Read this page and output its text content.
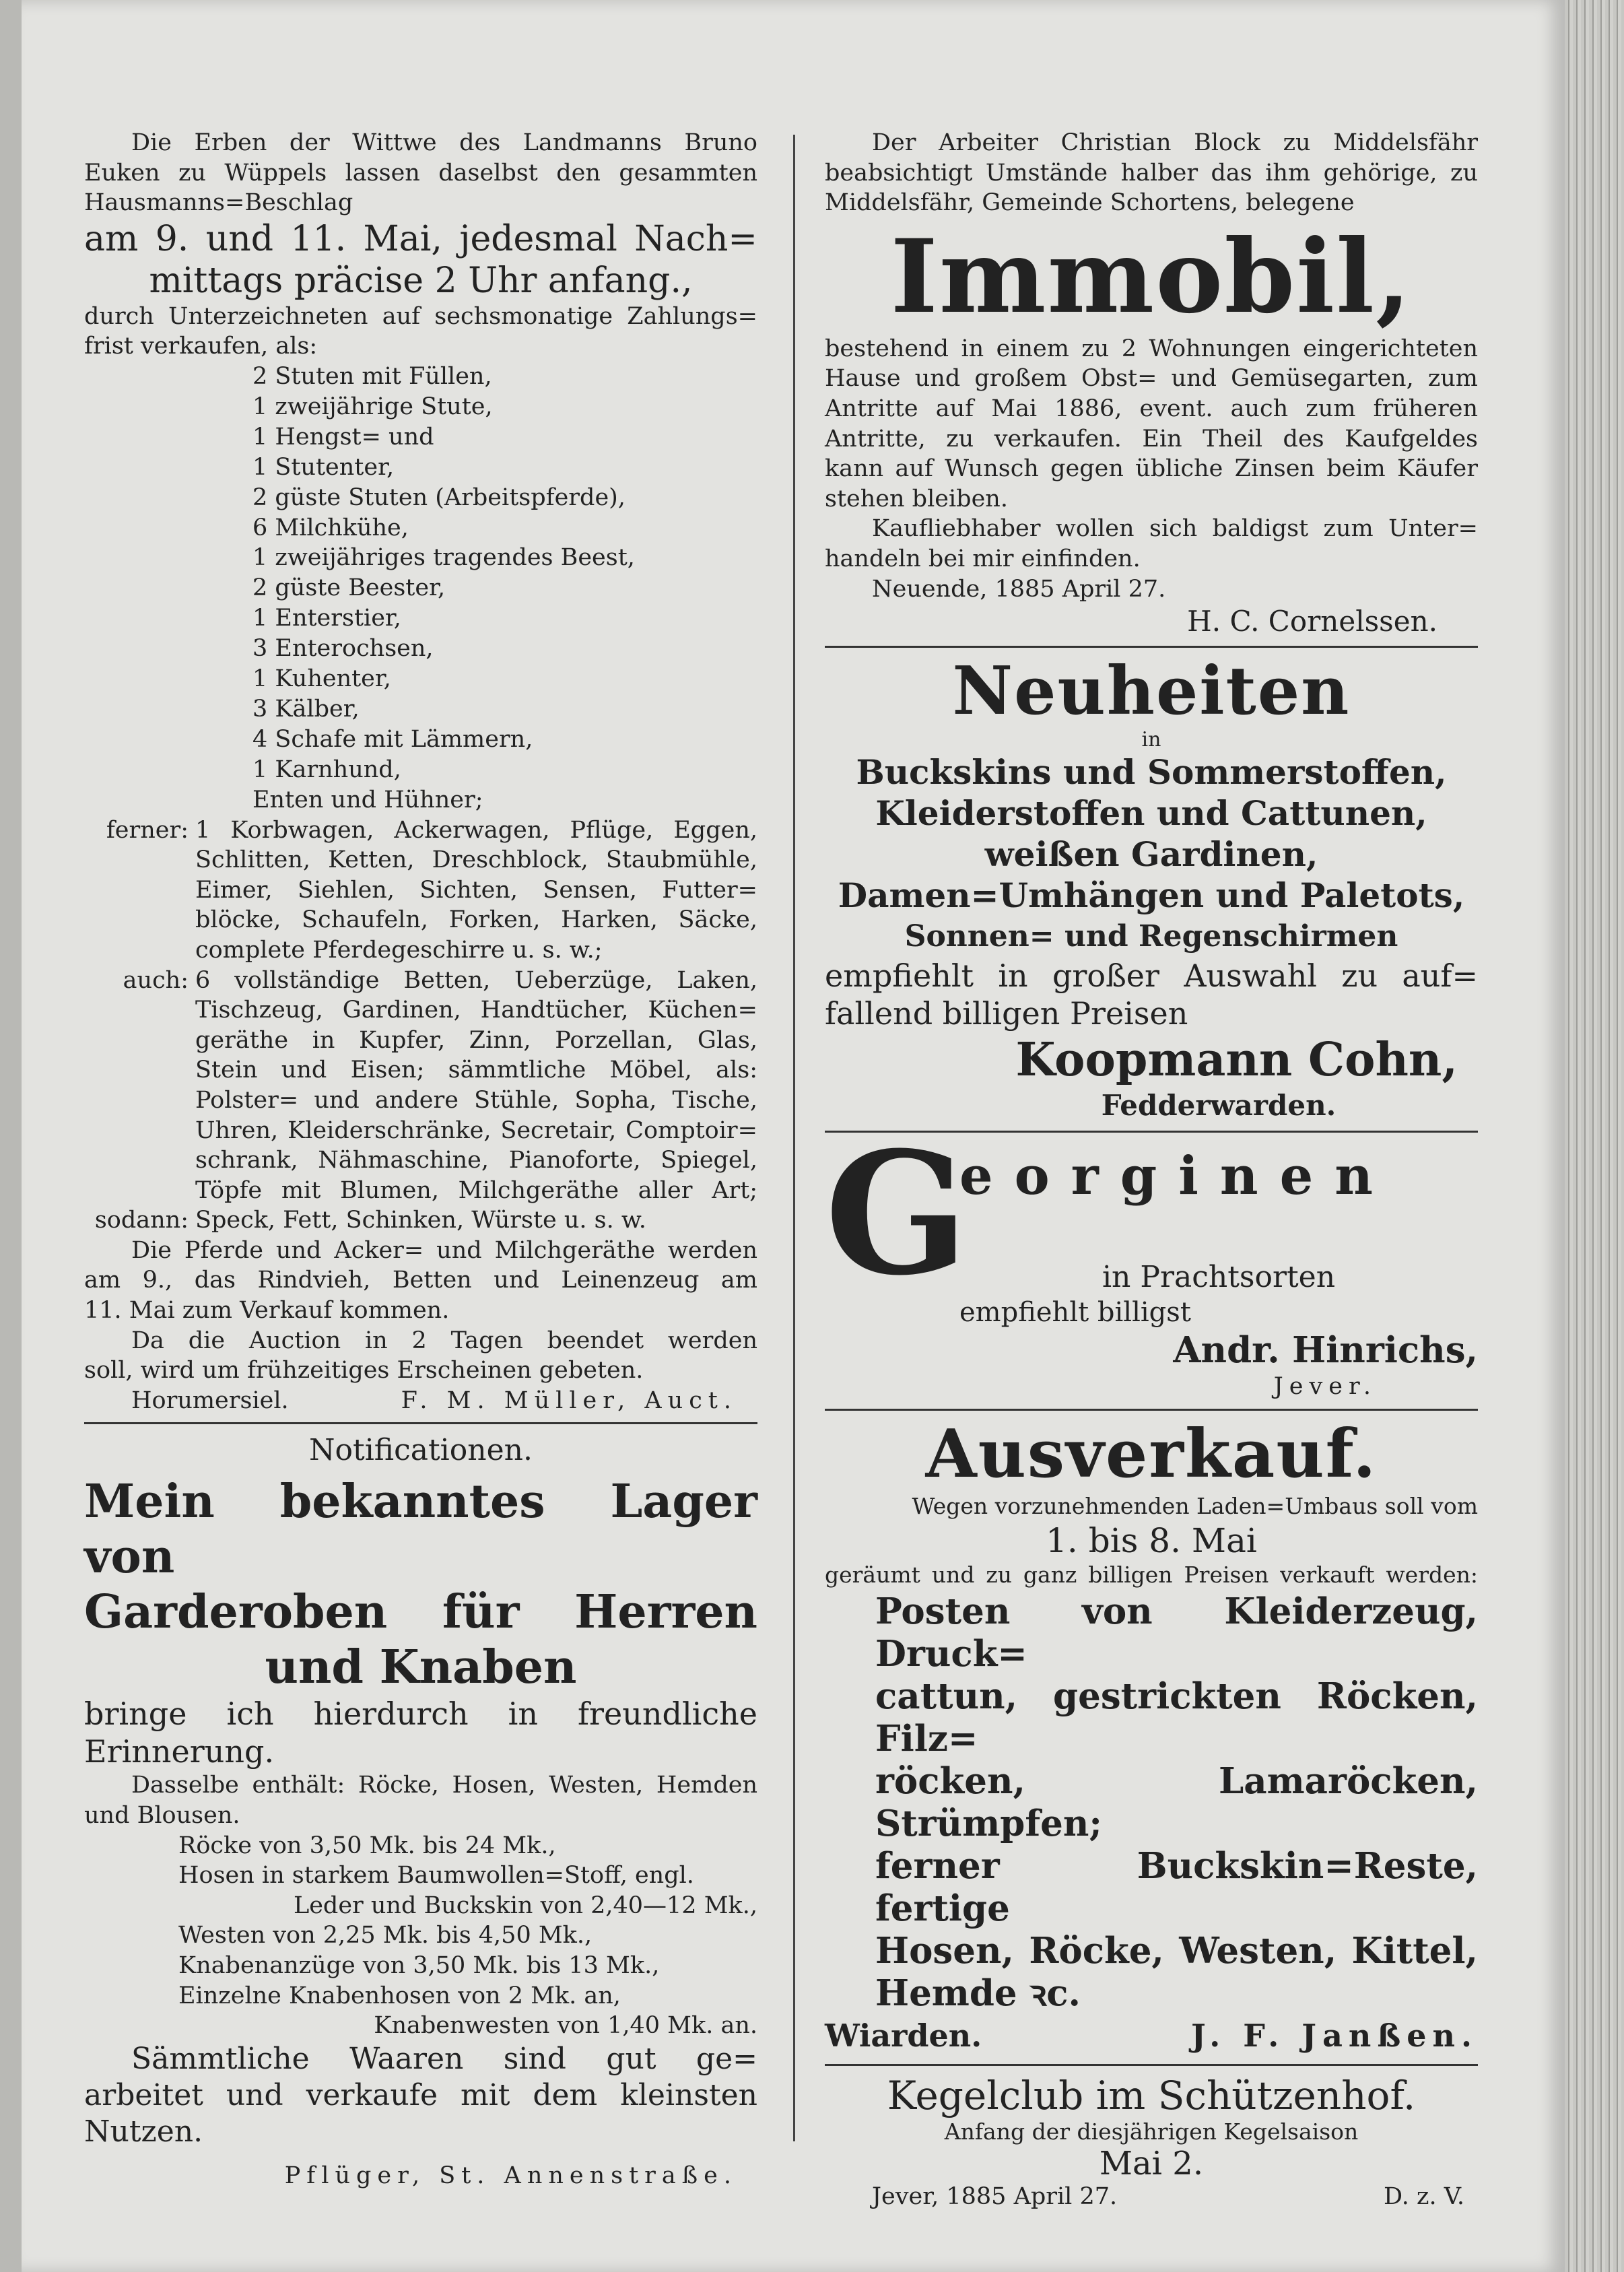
Die Erben der Wittwe des Landmanns Bruno

Euken zu Wüppels lassen daselbst den gesammten

Hausmanns=Beschlag

am 9. und 11. Mai, jedesmal Nach=

mittags präcise 2 Uhr anfang.,

durch Unterzeichneten auf sechsmonatige Zahlungs=

frist verkaufen, als:

2 Stuten mit Füllen,

1 zweijährige Stute,

1 Hengst= und

1 Stutenter,

2 güste Stuten (Arbeitspferde),

6 Milchkühe,

1 zweijähriges tragendes Beest,

2 güste Beester,

1 Enterstier,

3 Enterochsen,

1 Kuhenter,

3 Kälber,

4 Schafe mit Lämmern,

1 Karnhund,

Enten und Hühner;

ferner: 1 Korbwagen, Ackerwagen, Pflüge, Eggen,

Schlitten, Ketten, Dreschblock, Staubmühle,

Eimer, Siehlen, Sichten, Sensen, Futter=

blöcke, Schaufeln, Forken, Harken, Säcke,

complete Pferdegeschirre u. s. w.;

auch: 6 vollständige Betten, Ueberzüge, Laken,

Tischzeug, Gardinen, Handtücher, Küchen=

geräthe in Kupfer, Zinn, Porzellan, Glas,

Stein und Eisen; sämmtliche Möbel, als:

Polster= und andere Stühle, Sopha, Tische,

Uhren, Kleiderschränke, Secretair, Comptoir=

schrank, Nähmaschine, Pianoforte, Spiegel,

Töpfe mit Blumen, Milchgeräthe aller Art;

sodann: Speck, Fett, Schinken, Würste u. s. w.

Die Pferde und Acker= und Milchgeräthe werden

am 9., das Rindvieh, Betten und Leinenzeug am

11. Mai zum Verkauf kommen.

Da die Auction in 2 Tagen beendet werden

soll, wird um frühzeitiges Erscheinen gebeten.

Horumersiel.	F. M. Müller, Auct.

Notificationen.

Mein bekanntes Lager von

Garderoben für Herren

und Knaben

bringe ich hierdurch in freundliche

Erinnerung.

Dasselbe enthält: Röcke, Hosen, Westen, Hemden

und Blousen.

Röcke von 3,50 Mk. bis 24 Mk.,

Hosen in starkem Baumwollen=Stoff, engl.

Leder und Buckskin von 2,40—12 Mk.,

Westen von 2,25 Mk. bis 4,50 Mk.,

Knabenanzüge von 3,50 Mk. bis 13 Mk.,

Einzelne Knabenhosen von 2 Mk. an,

Knabenwesten von 1,40 Mk. an.

Sämmtliche Waaren sind gut ge=

arbeitet und verkaufe mit dem kleinsten

Nutzen.

Pflüger, St. Annenstraße.

Der Arbeiter Christian Block zu Middelsfähr

beabsichtigt Umstände halber das ihm gehörige, zu

Middelsfähr, Gemeinde Schortens, belegene

Immobil,

bestehend in einem zu 2 Wohnungen eingerichteten

Hause und großem Obst= und Gemüsegarten, zum

Antritte auf Mai 1886, event. auch zum früheren

Antritte, zu verkaufen. Ein Theil des Kaufgeldes

kann auf Wunsch gegen übliche Zinsen beim Käufer

stehen bleiben.

Kaufliebhaber wollen sich baldigst zum Unter=

handeln bei mir einfinden.

Neuende, 1885 April 27.

H. C. Cornelssen.

Neuheiten

in

Buckskins und Sommerstoffen,

Kleiderstoffen und Cattunen,

weißen Gardinen,

Damen=Umhängen und Paletots,

Sonnen= und Regenschirmen

empfiehlt in großer Auswahl zu auf=

fallend billigen Preisen

Koopmann Cohn,

Fedderwarden.

G

eorginen

in Prachtsorten

empfiehlt billigst

Andr. Hinrichs,

Jever.

Ausverkauf.

Wegen vorzunehmenden Laden=Umbaus soll vom

1. bis 8. Mai

geräumt und zu ganz billigen Preisen verkauft werden:

Posten von Kleiderzeug, Druck=

cattun, gestrickten Röcken, Filz=

röcken, Lamaröcken, Strümpfen;

ferner Buckskin=Reste, fertige

Hosen, Röcke, Westen, Kittel,

Hemde ꝛc.

Wiarden.	J. F. Janßen.

Kegelclub im Schützenhof.

Anfang der diesjährigen Kegelsaison

Mai 2.

Jever, 1885 April 27.	D. z. V.
